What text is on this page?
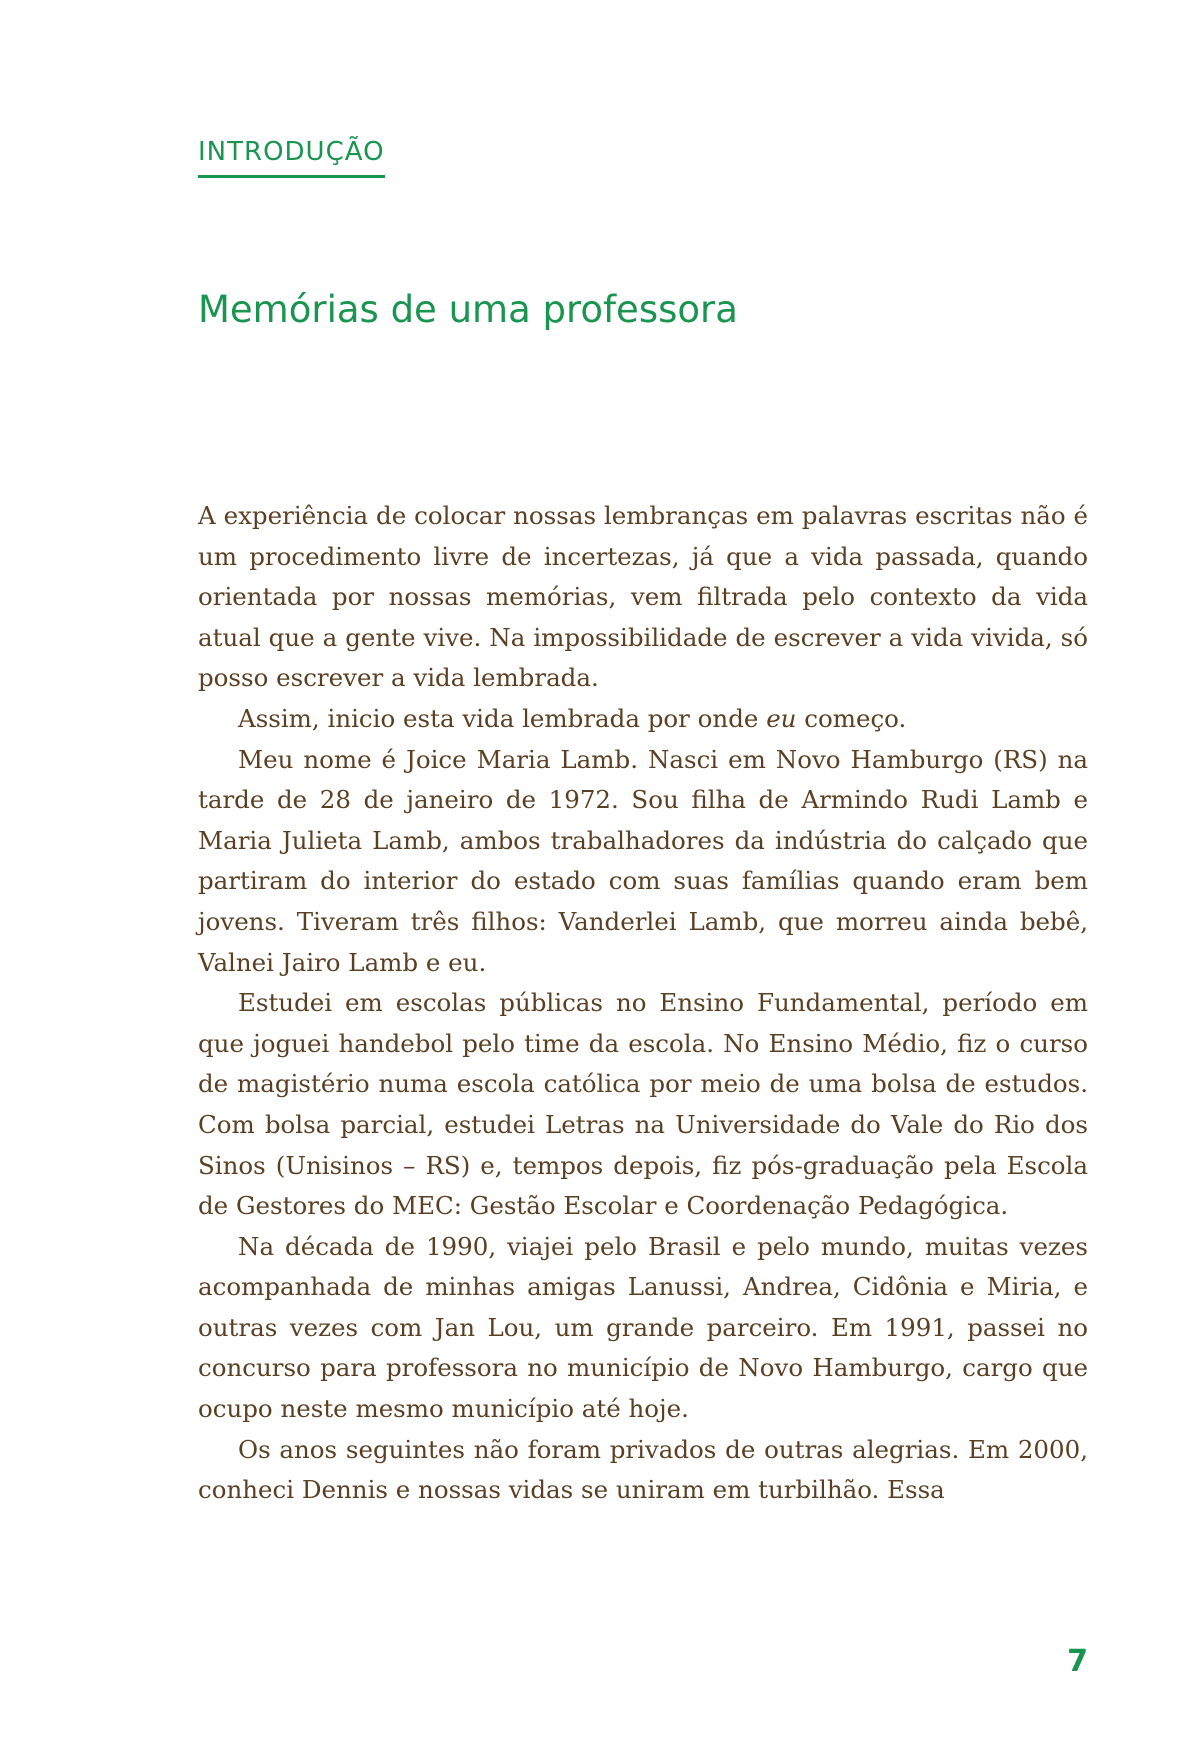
INTRODUÇÃO
Memórias de uma professora

A experiência de colocar nossas lembranças em palavras escritas não é um procedimento livre de incertezas, já que a vida passada, quando orientada por nossas memórias, vem filtrada pelo contexto da vida atual que a gente vive. Na impossibilidade de escrever a vida vivida, só posso escrever a vida lembrada.

Assim, inicio esta vida lembrada por onde eu começo.

Meu nome é Joice Maria Lamb. Nasci em Novo Hamburgo (RS) na tarde de 28 de janeiro de 1972. Sou filha de Armindo Rudi Lamb e Maria Julieta Lamb, ambos trabalhadores da indústria do calçado que partiram do interior do estado com suas famílias quando eram bem jovens. Tiveram três filhos: Vanderlei Lamb, que morreu ainda bebê, Valnei Jairo Lamb e eu.

Estudei em escolas públicas no Ensino Fundamental, período em que joguei handebol pelo time da escola. No Ensino Médio, fiz o curso de magistério numa escola católica por meio de uma bolsa de estudos. Com bolsa parcial, estudei Letras na Universidade do Vale do Rio dos Sinos (Unisinos – RS) e, tempos depois, fiz pós-graduação pela Escola de Gestores do MEC: Gestão Escolar e Coordenação Pedagógica.

Na década de 1990, viajei pelo Brasil e pelo mundo, muitas vezes acompanhada de minhas amigas Lanussi, Andrea, Cidônia e Miria, e outras vezes com Jan Lou, um grande parceiro. Em 1991, passei no concurso para professora no município de Novo Hamburgo, cargo que ocupo neste mesmo município até hoje.

Os anos seguintes não foram privados de outras alegrias. Em 2000, conheci Dennis e nossas vidas se uniram em turbilhão. Essa

7
